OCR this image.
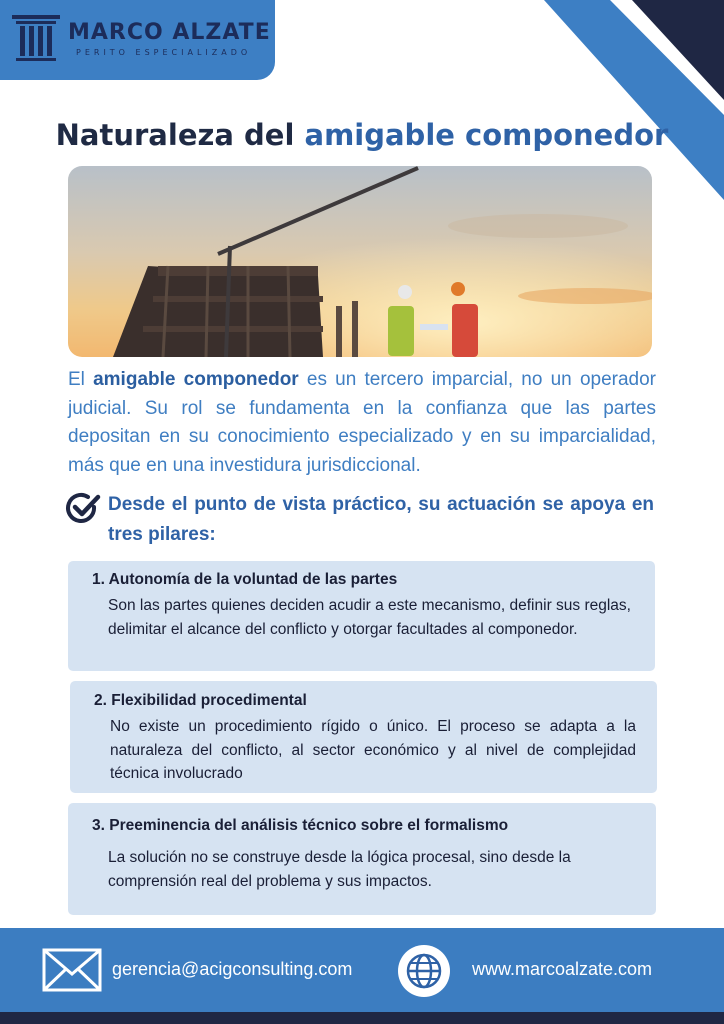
MARCO ALZATE
PERITO ESPECIALIZADO
Naturaleza del amigable componedor
El amigable componedor es un tercero imparcial, no un operador judicial. Su rol se fundamenta en la confianza que las partes depositan en su conocimiento especializado y en su imparcialidad, más que en una investidura jurisdiccional.
Desde el punto de vista práctico, su actuación se apoya en tres pilares:
1. Autonomía de la voluntad de las partes
Son las partes quienes deciden acudir a este mecanismo, definir sus reglas, delimitar el alcance del conflicto y otorgar facultades al componedor.
2. Flexibilidad procedimental
No existe un procedimiento rígido o único. El proceso se adapta a la naturaleza del conflicto, al sector económico y al nivel de complejidad técnica involucrado
3. Preeminencia del análisis técnico sobre el formalismo
La solución no se construye desde la lógica procesal, sino desde la comprensión real del problema y sus impactos.
gerencia@acigconsulting.com	www.marcoalzate.com
